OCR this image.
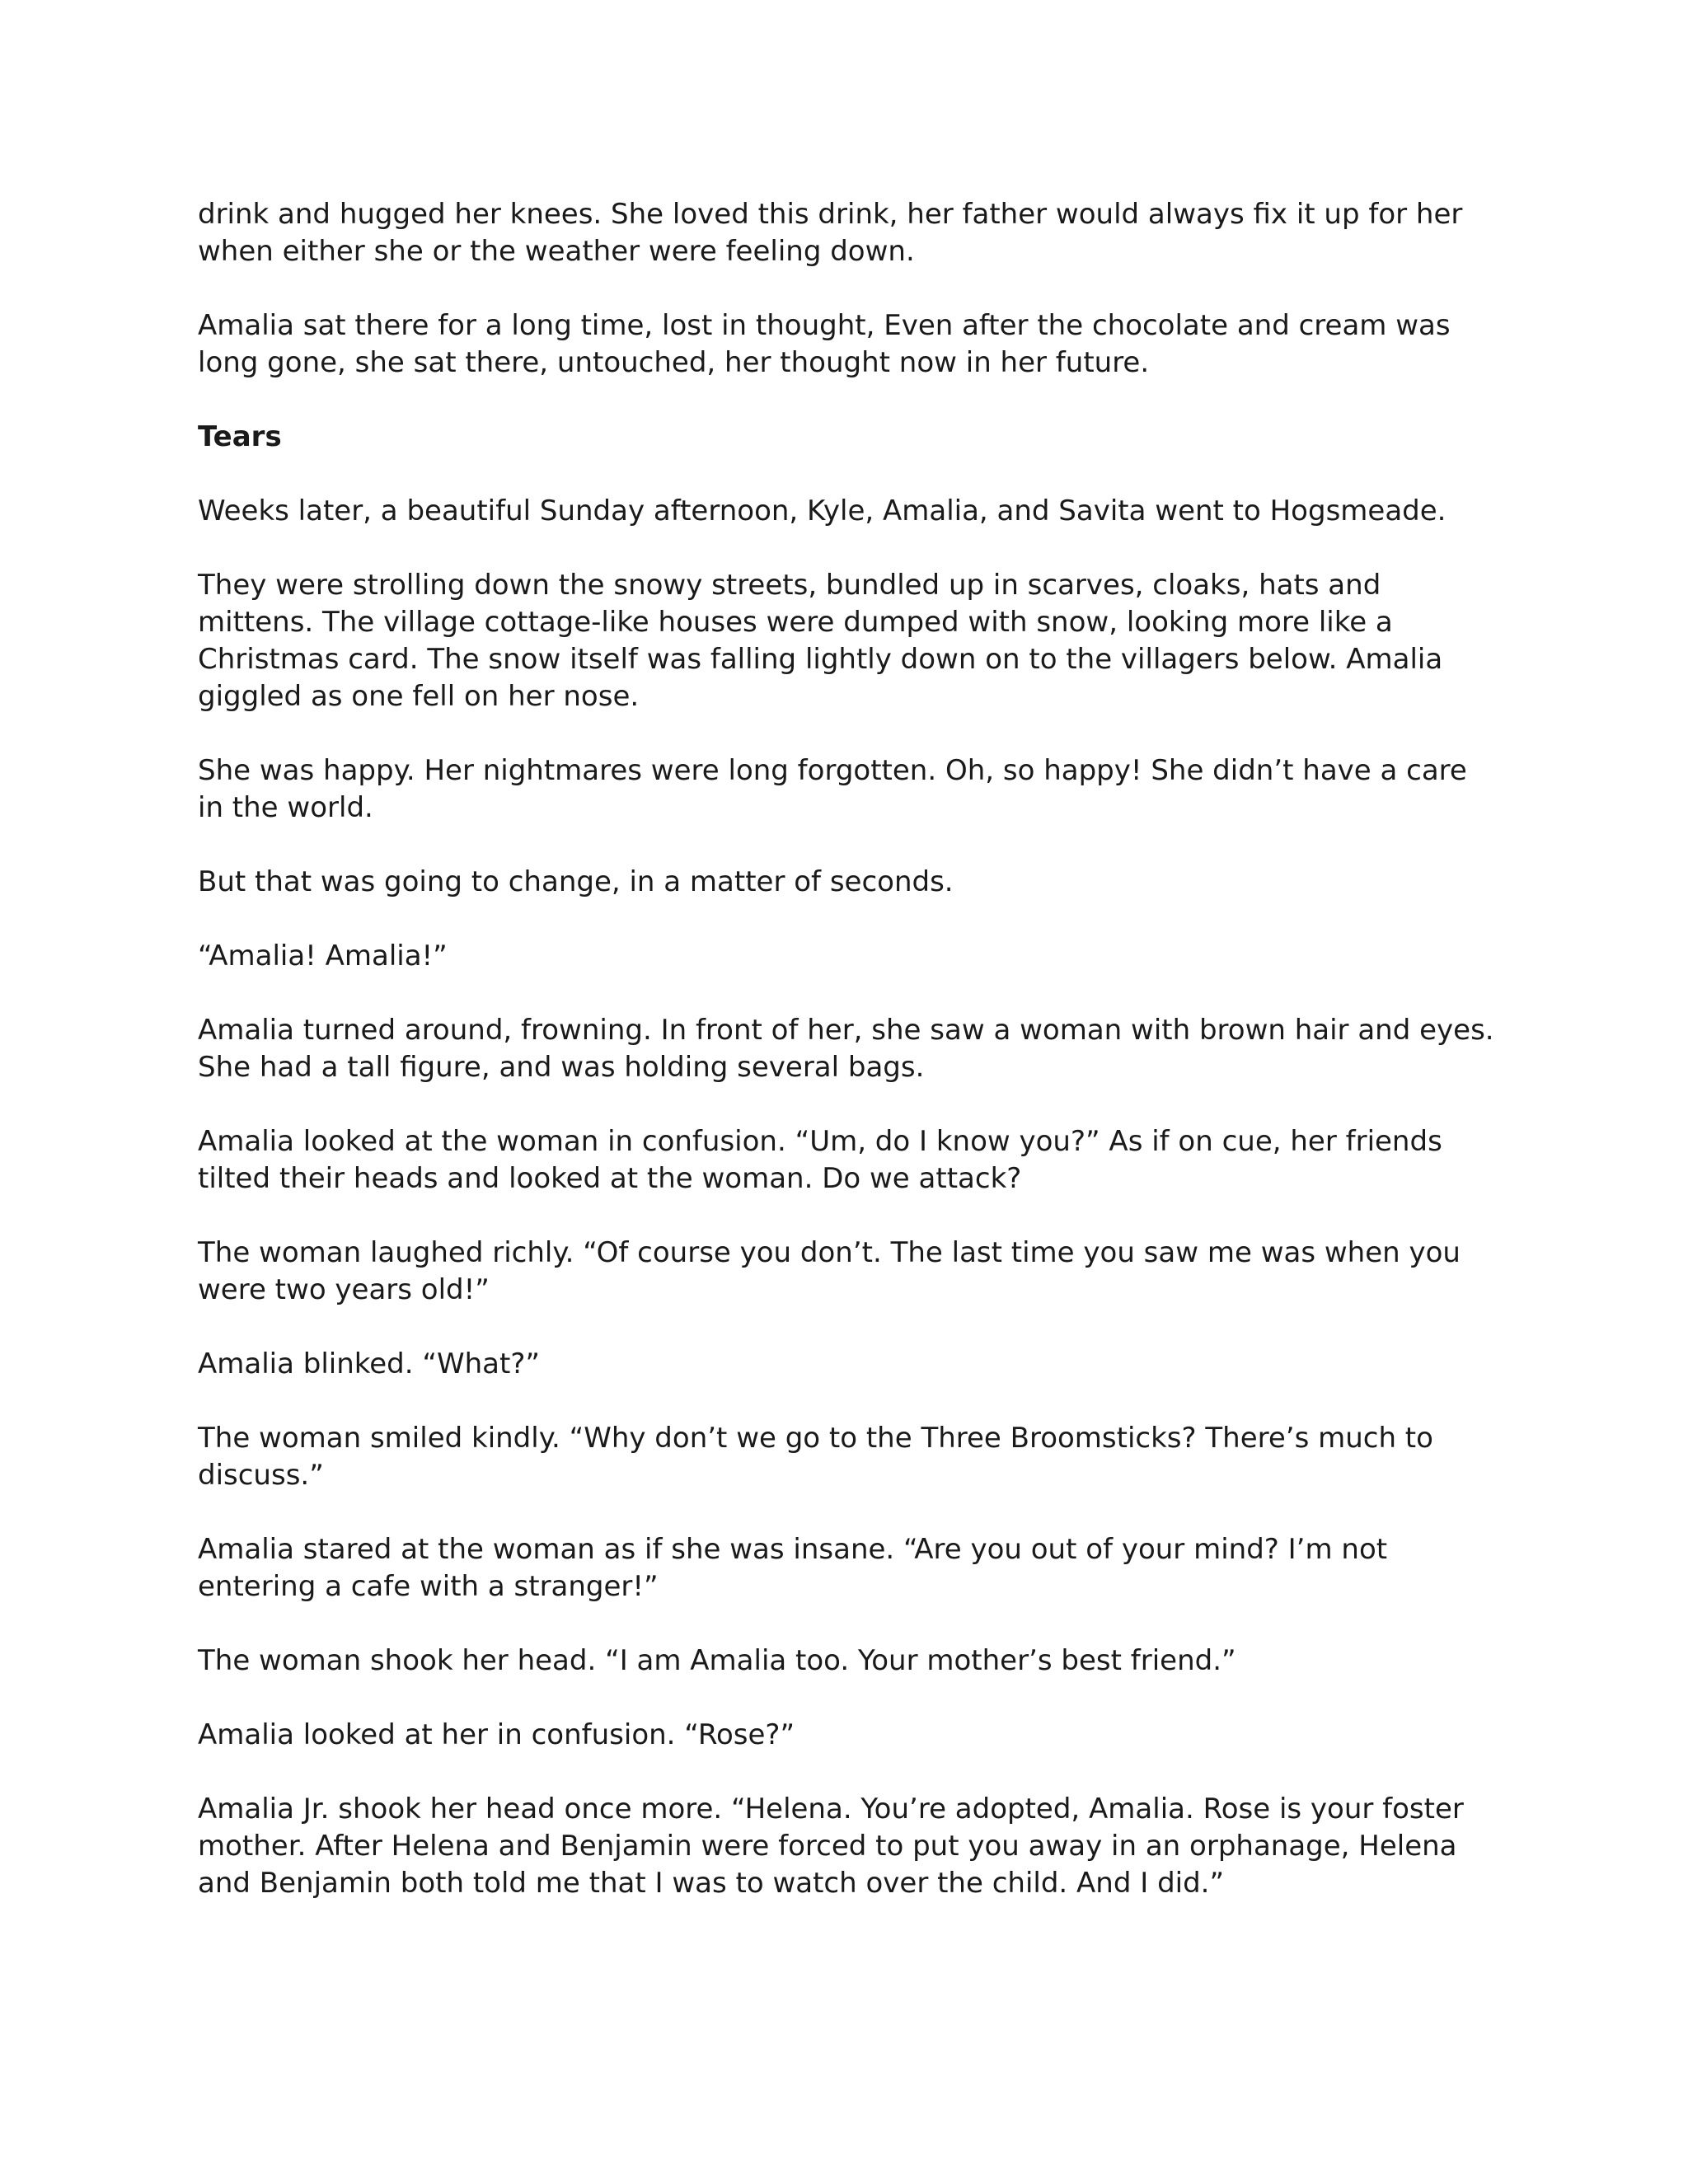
drink and hugged her knees. She loved this drink, her father would always fix it up for her when either she or the weather were feeling down.

Amalia sat there for a long time, lost in thought, Even after the chocolate and cream was long gone, she sat there, untouched, her thought now in her future.

Tears

Weeks later, a beautiful Sunday afternoon, Kyle, Amalia, and Savita went to Hogsmeade.

They were strolling down the snowy streets, bundled up in scarves, cloaks, hats and mittens. The village cottage-like houses were dumped with snow, looking more like a Christmas card. The snow itself was falling lightly down on to the villagers below. Amalia giggled as one fell on her nose.

She was happy. Her nightmares were long forgotten. Oh, so happy! She didn’t have a care in the world.

But that was going to change, in a matter of seconds.

“Amalia! Amalia!”

Amalia turned around, frowning. In front of her, she saw a woman with brown hair and eyes. She had a tall figure, and was holding several bags.

Amalia looked at the woman in confusion. “Um, do I know you?” As if on cue, her friends tilted their heads and looked at the woman. Do we attack?

The woman laughed richly. “Of course you don’t. The last time you saw me was when you were two years old!”

Amalia blinked. “What?”

The woman smiled kindly. “Why don’t we go to the Three Broomsticks? There’s much to discuss.”

Amalia stared at the woman as if she was insane. “Are you out of your mind? I’m not entering a cafe with a stranger!”

The woman shook her head. “I am Amalia too. Your mother’s best friend.”

Amalia looked at her in confusion. “Rose?”

Amalia Jr. shook her head once more. “Helena. You’re adopted, Amalia. Rose is your foster mother. After Helena and Benjamin were forced to put you away in an orphanage, Helena and Benjamin both told me that I was to watch over the child. And I did.”
